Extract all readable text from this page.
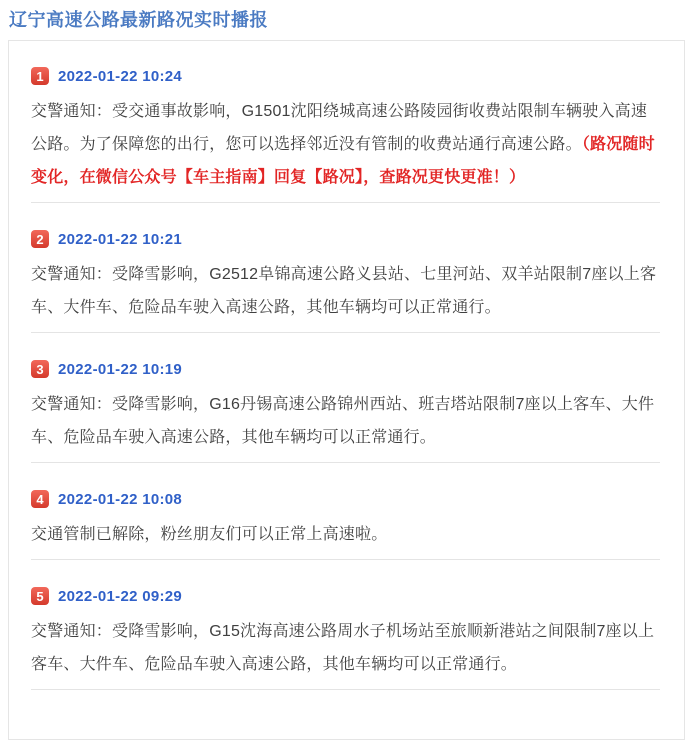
辽宁高速公路最新路况实时播报
1 2022-01-22 10:24

交警通知：受交通事故影响，G1501沈阳绕城高速公路陵园街收费站限制车辆驶入高速公路。为了保障您的出行，您可以选择邻近没有管制的收费站通行高速公路。（路况随时变化，在微信公众号【车主指南】回复【路况】，查路况更快更准！）

2 2022-01-22 10:21

交警通知：受降雪影响，G2512阜锦高速公路义县站、七里河站、双羊站限制7座以上客车、大件车、危险品车驶入高速公路，其他车辆均可以正常通行。

3 2022-01-22 10:19

交警通知：受降雪影响，G16丹锡高速公路锦州西站、班吉塔站限制7座以上客车、大件车、危险品车驶入高速公路，其他车辆均可以正常通行。

4 2022-01-22 10:08

交通管制已解除，粉丝朋友们可以正常上高速啦。

5 2022-01-22 09:29

交警通知：受降雪影响，G15沈海高速公路周水子机场站至旅顺新港站之间限制7座以上客车、大件车、危险品车驶入高速公路，其他车辆均可以正常通行。
